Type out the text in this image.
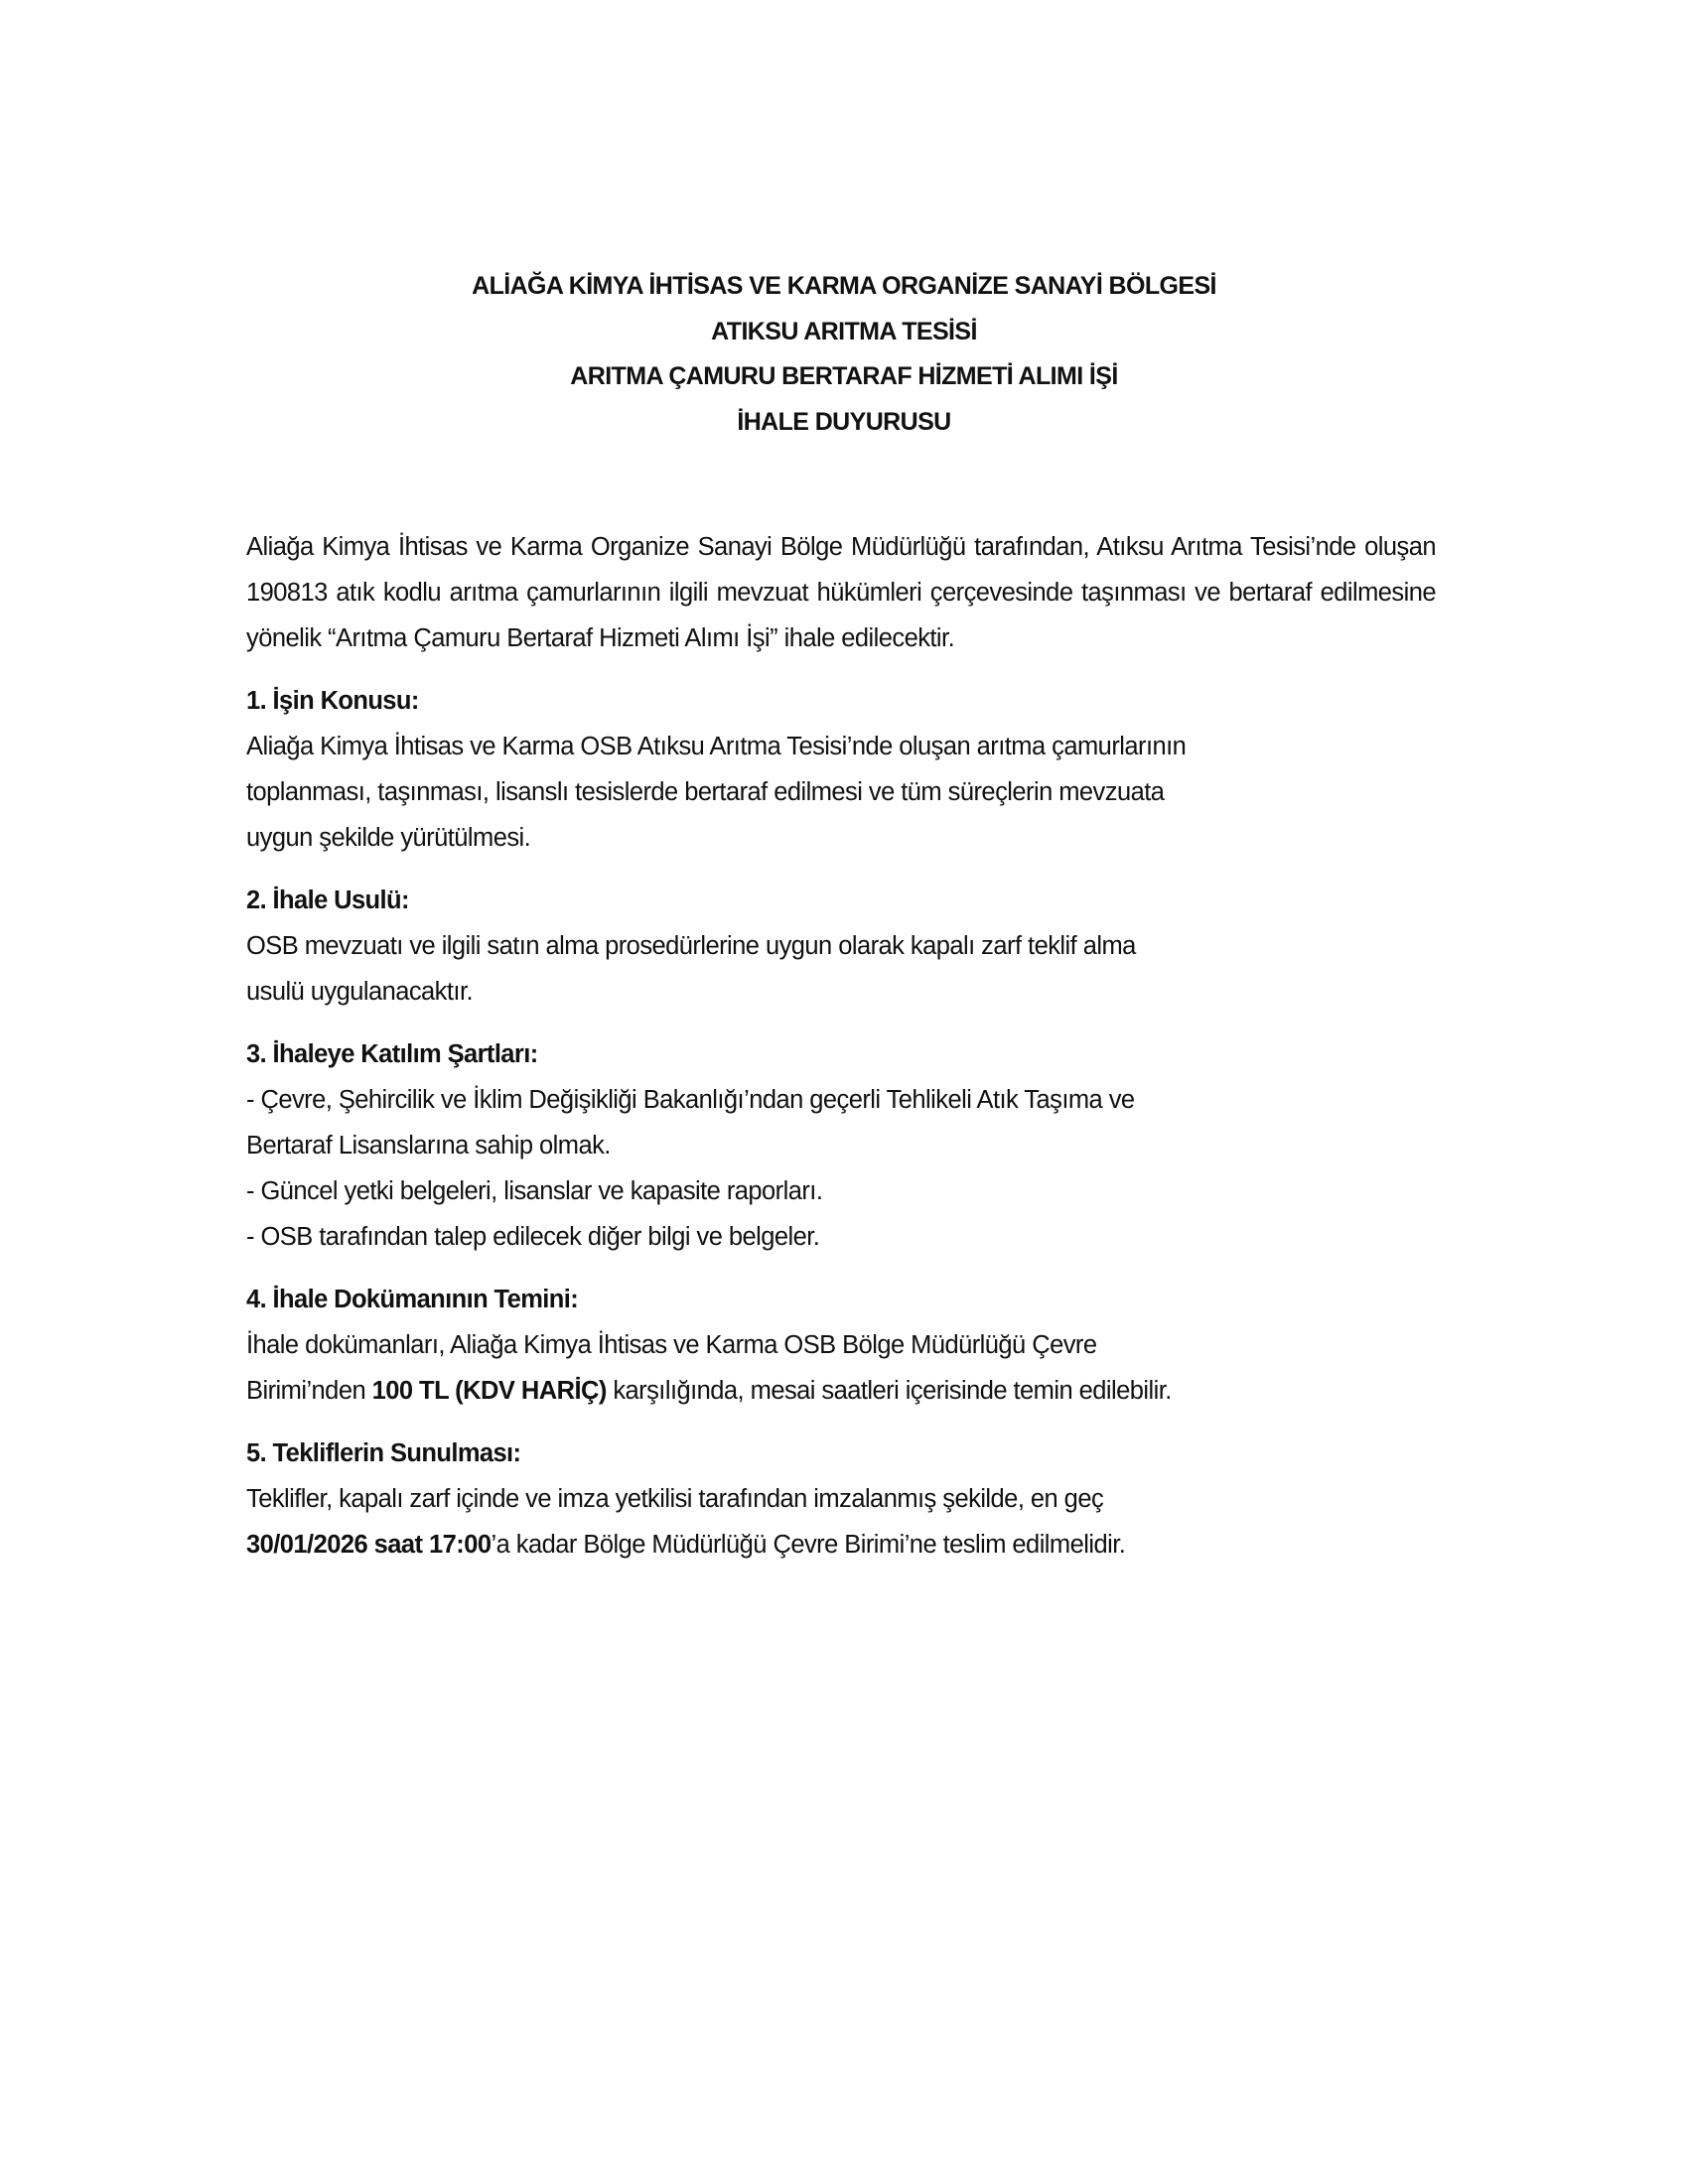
ALİAĞA KİMYA İHTİSAS VE KARMA ORGANİZE SANAYİ BÖLGESİ

ATIKSU ARITMA TESİSİ

ARITMA ÇAMURU BERTARAF HİZMETİ ALIMI İŞİ

İHALE DUYURUSU

Aliağa Kimya İhtisas ve Karma Organize Sanayi Bölge Müdürlüğü tarafından, Atıksu Arıtma Tesisi’nde oluşan 190813 atık kodlu arıtma çamurlarının ilgili mevzuat hükümleri çerçevesinde taşınması ve bertaraf edilmesine yönelik “Arıtma Çamuru Bertaraf Hizmeti Alımı İşi” ihale edilecektir.

1. İşin Konusu:

Aliağa Kimya İhtisas ve Karma OSB Atıksu Arıtma Tesisi’nde oluşan arıtma çamurlarının
toplanması, taşınması, lisanslı tesislerde bertaraf edilmesi ve tüm süreçlerin mevzuata
uygun şekilde yürütülmesi.

2. İhale Usulü:

OSB mevzuatı ve ilgili satın alma prosedürlerine uygun olarak kapalı zarf teklif alma
usulü uygulanacaktır.

3. İhaleye Katılım Şartları:

- Çevre, Şehircilik ve İklim Değişikliği Bakanlığı’ndan geçerli Tehlikeli Atık Taşıma ve
Bertaraf Lisanslarına sahip olmak.
- Güncel yetki belgeleri, lisanslar ve kapasite raporları.
- OSB tarafından talep edilecek diğer bilgi ve belgeler.

4. İhale Dokümanının Temini:

İhale dokümanları, Aliağa Kimya İhtisas ve Karma OSB Bölge Müdürlüğü Çevre
Birimi’nden 100 TL (KDV HARİÇ) karşılığında, mesai saatleri içerisinde temin edilebilir.

5. Tekliflerin Sunulması:

Teklifler, kapalı zarf içinde ve imza yetkilisi tarafından imzalanmış şekilde, en geç
30/01/2026 saat 17:00’a kadar Bölge Müdürlüğü Çevre Birimi’ne teslim edilmelidir.
